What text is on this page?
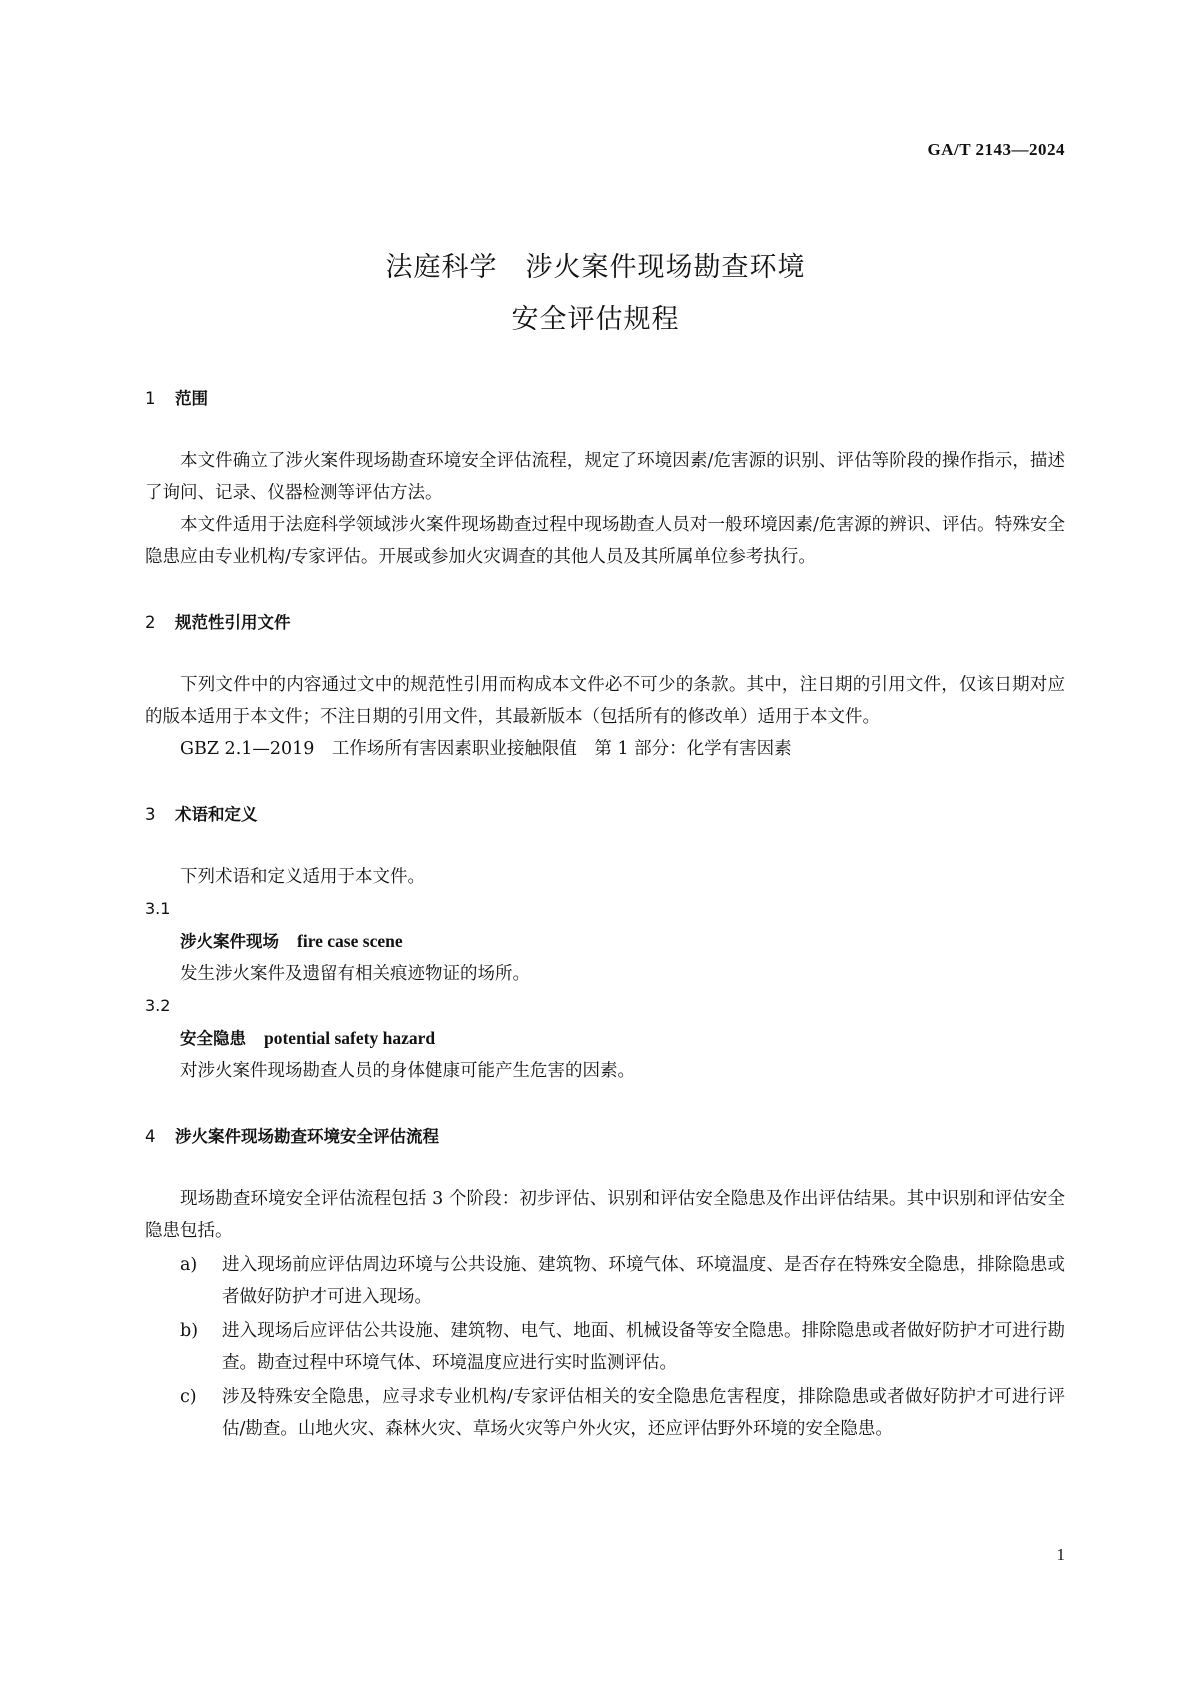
GA/T 2143—2024
法庭科学　涉火案件现场勘查环境
安全评估规程

1 范围

本文件确立了涉火案件现场勘查环境安全评估流程，规定了环境因素/危害源的识别、评估等阶段的操作指示，描述了询问、记录、仪器检测等评估方法。

本文件适用于法庭科学领域涉火案件现场勘查过程中现场勘查人员对一般环境因素/危害源的辨识、评估。特殊安全隐患应由专业机构/专家评估。开展或参加火灾调查的其他人员及其所属单位参考执行。

2 规范性引用文件

下列文件中的内容通过文中的规范性引用而构成本文件必不可少的条款。其中，注日期的引用文件，仅该日期对应的版本适用于本文件；不注日期的引用文件，其最新版本（包括所有的修改单）适用于本文件。

GBZ 2.1—2019　工作场所有害因素职业接触限值　第 1 部分：化学有害因素

3 术语和定义

下列术语和定义适用于本文件。

3.1
涉火案件现场 fire case scene
发生涉火案件及遗留有相关痕迹物证的场所。
3.2
安全隐患 potential safety hazard
对涉火案件现场勘查人员的身体健康可能产生危害的因素。

4 涉火案件现场勘查环境安全评估流程

现场勘查环境安全评估流程包括 3 个阶段：初步评估、识别和评估安全隐患及作出评估结果。其中识别和评估安全隐患包括。

a)	进入现场前应评估周边环境与公共设施、建筑物、环境气体、环境温度、是否存在特殊安全隐患，排除隐患或者做好防护才可进入现场。
b)	进入现场后应评估公共设施、建筑物、电气、地面、机械设备等安全隐患。排除隐患或者做好防护才可进行勘查。勘查过程中环境气体、环境温度应进行实时监测评估。
c)	涉及特殊安全隐患，应寻求专业机构/专家评估相关的安全隐患危害程度，排除隐患或者做好防护才可进行评估/勘查。山地火灾、森林火灾、草场火灾等户外火灾，还应评估野外环境的安全隐患。
1
